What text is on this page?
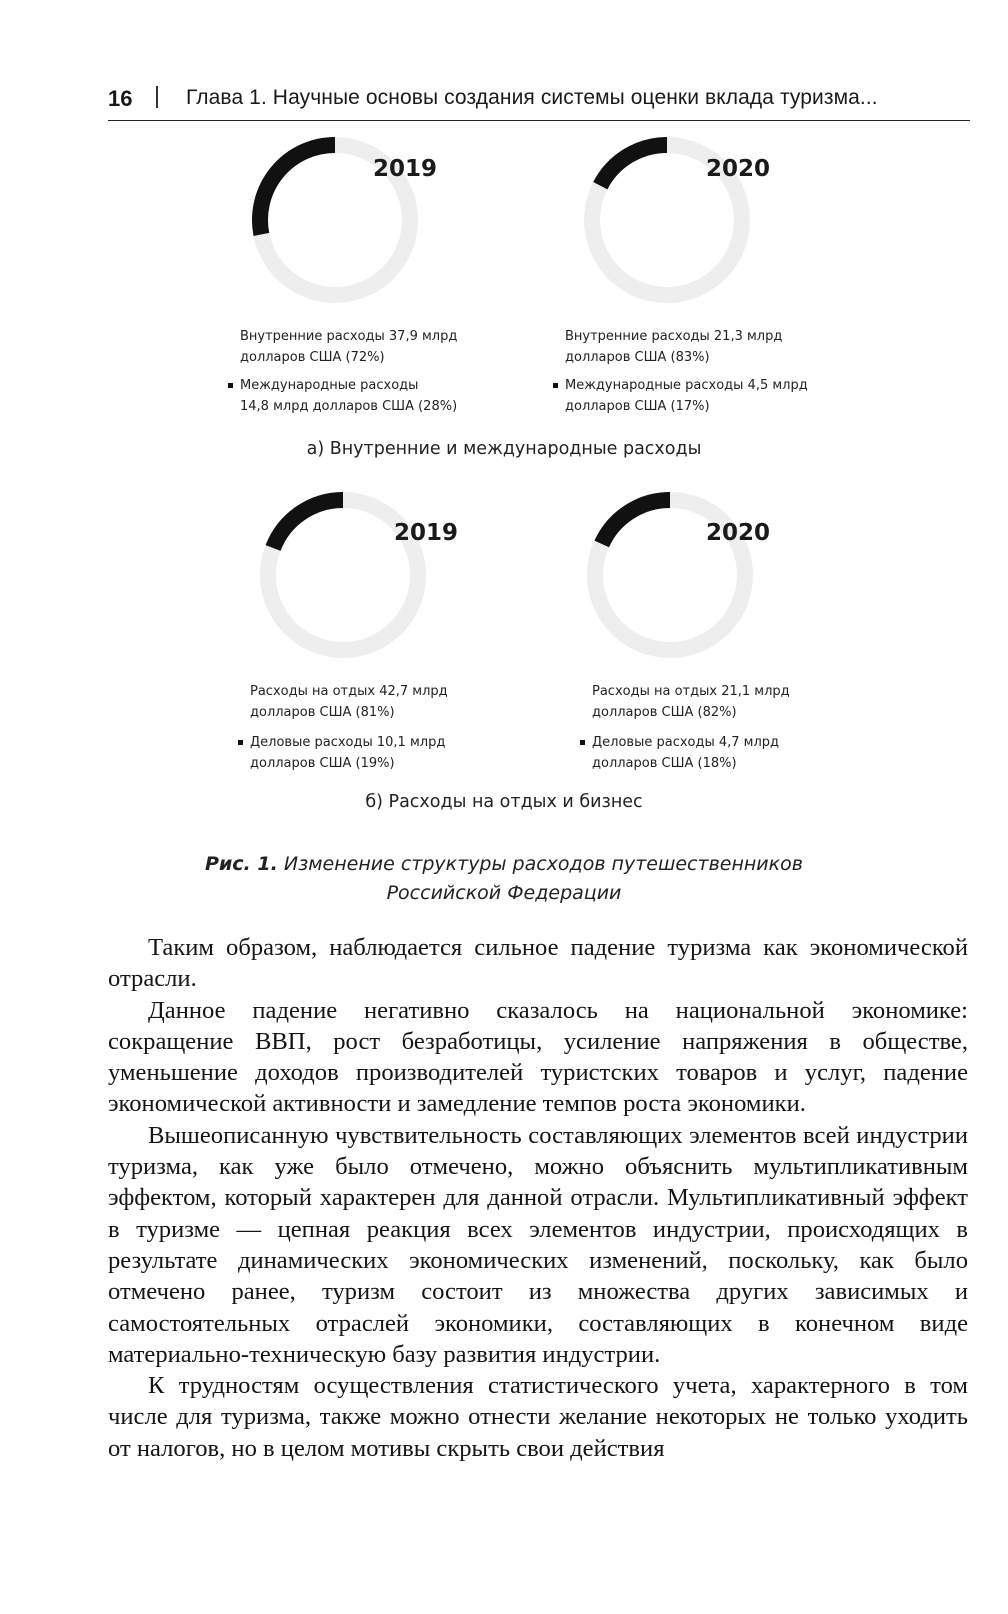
16	Глава 1. Научные основы создания системы оценки вклада туризма...
2019
Внутренние расходы 37,9 млрд
долларов США (72%)
Международные расходы
14,8 млрд долларов США (28%)
2020
Внутренние расходы 21,3 млрд
долларов США (83%)
Международные расходы 4,5 млрд
долларов США (17%)
а) Внутренние и международные расходы
2019
Расходы на отдых 42,7 млрд
долларов США (81%)
Деловые расходы 10,1 млрд
долларов США (19%)
2020
Расходы на отдых 21,1 млрд
долларов США (82%)
Деловые расходы 4,7 млрд
долларов США (18%)
б) Расходы на отдых и бизнес
Рис. 1. Изменение структуры расходов путешественников
Российской Федерации

Таким образом, наблюдается сильное падение туризма как экономической отрасли.

Данное падение негативно сказалось на национальной экономике: сокращение ВВП, рост безработицы, усиление напряжения в обществе, уменьшение доходов производителей туристских товаров и услуг, падение экономической активности и замедление темпов роста экономики.

Вышеописанную чувствительность составляющих элементов всей индустрии туризма, как уже было отмечено, можно объяснить мультипликативным эффектом, который характерен для данной отрасли. Мультипликативный эффект в туризме — цепная реакция всех элементов индустрии, происходящих в результате динамических экономических изменений, поскольку, как было отмечено ранее, туризм состоит из множества других зависимых и самостоятельных отраслей экономики, составляющих в конечном виде материально-техническую базу развития индустрии.

К трудностям осуществления статистического учета, характерного в том числе для туризма, также можно отнести желание некоторых не только уходить от налогов, но в целом мотивы скрыть свои действия
